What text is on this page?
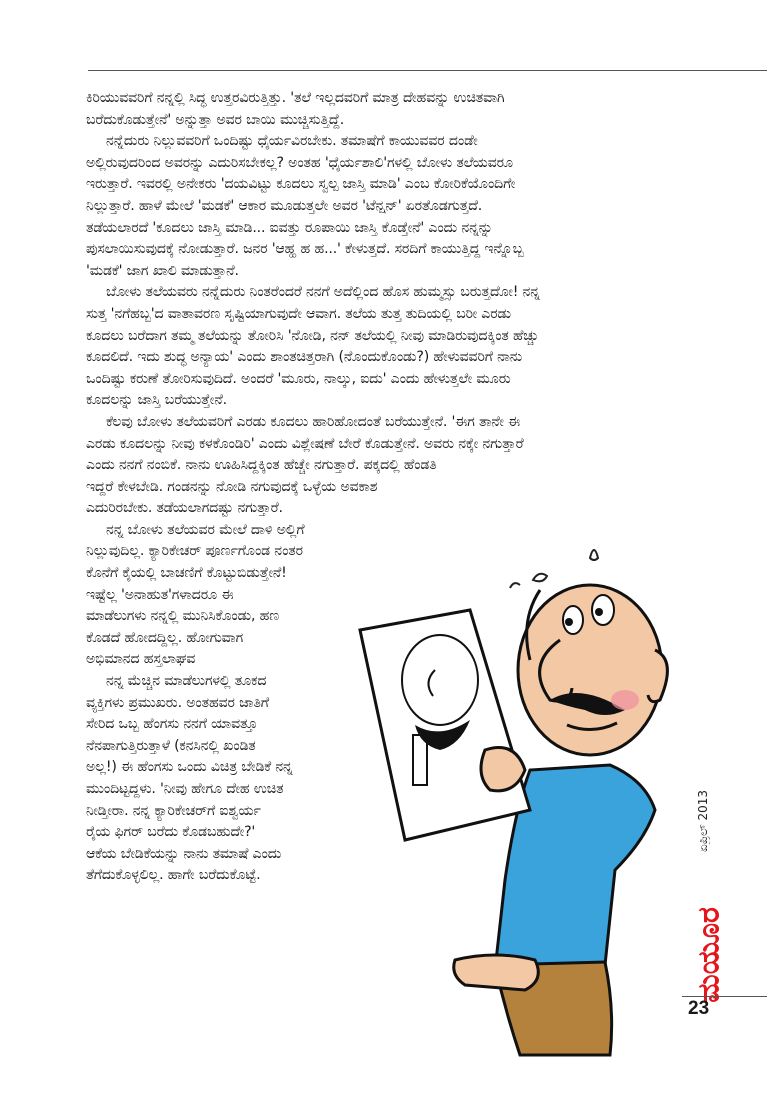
ಕಿರಿಯುವವರಿಗೆ ನನ್ನಲ್ಲಿ ಸಿದ್ಧ ಉತ್ತರವಿರುತ್ತಿತ್ತು. 'ತಲೆ ಇಲ್ಲದವರಿಗೆ ಮಾತ್ರ ದೇಹವನ್ನು ಉಚಿತವಾಗಿ
ಬರೆದುಕೊಡುತ್ತೇನೆ' ಅನ್ನುತ್ತಾ ಅವರ ಬಾಯಿ ಮುಚ್ಚಿಸುತ್ತಿದ್ದೆ.

ನನ್ನೆದುರು ನಿಲ್ಲುವವರಿಗೆ ಒಂದಿಷ್ಟು ಧೈರ್ಯವಿರಬೇಕು. ತಮಾಷೆಗೆ ಕಾಯುವವರ ದಂಡೇ

ಅಲ್ಲಿರುವುದರಿಂದ ಅವರನ್ನು ಎದುರಿಸಬೇಕಲ್ಲ? ಅಂತಹ 'ಧೈರ್ಯಶಾಲಿ'ಗಳಲ್ಲಿ ಬೋಳು ತಲೆಯವರೂ
ಇರುತ್ತಾರೆ. ಇವರಲ್ಲಿ ಅನೇಕರು 'ದಯವಿಟ್ಟು ಕೂದಲು ಸ್ವಲ್ಪ ಜಾಸ್ತಿ ಮಾಡಿ' ಎಂಬ ಕೋರಿಕೆಯೊಂದಿಗೇ
ನಿಲ್ಲುತ್ತಾರೆ. ಹಾಳೆ ಮೇಲೆ 'ಮಡಕೆ' ಆಕಾರ ಮೂಡುತ್ತಲೇ ಅವರ 'ಟೆನ್ಷನ್' ಏರತೊಡಗುತ್ತದೆ.
ತಡೆಯಲಾರದೆ 'ಕೂದಲು ಜಾಸ್ತಿ ಮಾಡಿ... ಐವತ್ತು ರೂಪಾಯಿ ಜಾಸ್ತಿ ಕೊಡ್ತೇನೆ' ಎಂದು ನನ್ನನ್ನು
ಪುಸಲಾಯಿಸುವುದಕ್ಕೆ ನೋಡುತ್ತಾರೆ. ಜನರ 'ಆಹ್ಹ ಹ ಹ...' ಕೇಳುತ್ತದೆ. ಸರದಿಗೆ ಕಾಯುತ್ತಿದ್ದ ಇನ್ನೊಬ್ಬ
'ಮಡಕೆ' ಜಾಗ ಖಾಲಿ ಮಾಡುತ್ತಾನೆ.

ಬೋಳು ತಲೆಯವರು ನನ್ನೆದುರು ನಿಂತರೆಂದರೆ ನನಗೆ ಅದೆಲ್ಲಿಂದ ಹೊಸ ಹುಮ್ಮಸ್ಸು ಬರುತ್ತದೋ! ನನ್ನ

ಸುತ್ತ 'ನಗೆಹಬ್ಬ'ದ ವಾತಾವರಣ ಸೃಷ್ಟಿಯಾಗುವುದೇ ಆವಾಗ. ತಲೆಯ ತುತ್ತ ತುದಿಯಲ್ಲಿ ಬರೀ ಎರಡು
ಕೂದಲು ಬರೆದಾಗ ತಮ್ಮ ತಲೆಯನ್ನು ತೋರಿಸಿ 'ನೋಡಿ, ನನ್ ತಲೆಯಲ್ಲಿ ನೀವು ಮಾಡಿರುವುದಕ್ಕಿಂತ ಹೆಚ್ಚು
ಕೂದಲಿದೆ. ಇದು ಶುದ್ಧ ಅನ್ಯಾಯ' ಎಂದು ಶಾಂತಚಿತ್ತರಾಗಿ (ನೊಂದುಕೊಂಡು?) ಹೇಳುವವರಿಗೆ ನಾನು
ಒಂದಿಷ್ಟು ಕರುಣೆ ತೋರಿಸುವುದಿದೆ. ಅಂದರೆ 'ಮೂರು, ನಾಲ್ಕು, ಐದು' ಎಂದು ಹೇಳುತ್ತಲೇ ಮೂರು
ಕೂದಲನ್ನು ಜಾಸ್ತಿ ಬರೆಯುತ್ತೇನೆ.

ಕೆಲವು ಬೋಳು ತಲೆಯವರಿಗೆ ಎರಡು ಕೂದಲು ಹಾರಿಹೋದಂತೆ ಬರೆಯುತ್ತೇನೆ. 'ಈಗ ತಾನೇ ಈ

ಎರಡು ಕೂದಲನ್ನು ನೀವು ಕಳಕೊಂಡಿರಿ' ಎಂದು ವಿಶ್ಲೇಷಣೆ ಬೇರೆ ಕೊಡುತ್ತೇನೆ. ಅವರು ನಕ್ಕೇ ನಗುತ್ತಾರೆ
ಎಂದು ನನಗೆ ನಂಬಿಕೆ. ನಾನು ಊಹಿಸಿದ್ದಕ್ಕಿಂತ ಹೆಚ್ಚೇ ನಗುತ್ತಾರೆ. ಪಕ್ಕದಲ್ಲಿ ಹೆಂಡತಿ
ಇದ್ದರೆ ಕೇಳಬೇಡಿ. ಗಂಡನನ್ನು ನೋಡಿ ನಗುವುದಕ್ಕೆ ಒಳ್ಳೆಯ ಅವಕಾಶ
ಎದುರಿರಬೇಕು. ತಡೆಯಲಾಗದಷ್ಟು ನಗುತ್ತಾರೆ.

ನನ್ನ ಬೋಳು ತಲೆಯವರ ಮೇಲೆ ದಾಳಿ ಅಲ್ಲಿಗೆ

ನಿಲ್ಲುವುದಿಲ್ಲ. ಕ್ಯಾರಿಕೇಚರ್ ಪೂರ್ಣಗೊಂಡ ನಂತರ
ಕೊನೆಗೆ ಕೈಯಲ್ಲಿ ಬಾಚಣಿಗೆ ಕೊಟ್ಟುಬಿಡುತ್ತೇನೆ!
ಇಷ್ಟೆಲ್ಲ 'ಅನಾಹುತ'ಗಳಾದರೂ ಈ
ಮಾಡೆಲುಗಳು ನನ್ನಲ್ಲಿ ಮುನಿಸಿಕೊಂಡು, ಹಣ
ಕೊಡದೆ ಹೋದದ್ದಿಲ್ಲ. ಹೋಗುವಾಗ
ಅಭಿಮಾನದ ಹಸ್ತಲಾಘವ

ನನ್ನ ಮೆಚ್ಚಿನ ಮಾಡೆಲುಗಳಲ್ಲಿ ತೂಕದ

ವ್ಯಕ್ತಿಗಳು ಪ್ರಮುಖರು. ಅಂತಹವರ ಜಾತಿಗೆ
ಸೇರಿದ ಒಬ್ಬ ಹೆಂಗಸು ನನಗೆ ಯಾವತ್ತೂ
ನೆನಪಾಗುತ್ತಿರುತ್ತಾಳೆ (ಕನಸಿನಲ್ಲಿ ಖಂಡಿತ
ಅಲ್ಲ!) ಈ ಹೆಂಗಸು ಒಂದು ವಿಚಿತ್ರ ಬೇಡಿಕೆ ನನ್ನ
ಮುಂದಿಟ್ಟದ್ದಳು. 'ನೀವು ಹೇಗೂ ದೇಹ ಉಚಿತ
ನೀಡ್ತೀರಾ. ನನ್ನ ಕ್ಯಾರಿಕೇಚರ್‌ಗೆ ಐಶ್ವರ್ಯ
ರೈಯ ಫಿಗರ್ ಬರೆದು ಕೊಡಬಹುದೇ?'
ಆಕೆಯ ಬೇಡಿಕೆಯನ್ನು ನಾನು ತಮಾಷೆ ಎಂದು
ತೆಗೆದುಕೊಳ್ಳಲಿಲ್ಲ. ಹಾಗೇ ಬರೆದುಕೊಟ್ಟೆ.

ಏಪ್ರಿಲ್ 2013
ಮಯೂರ
23
